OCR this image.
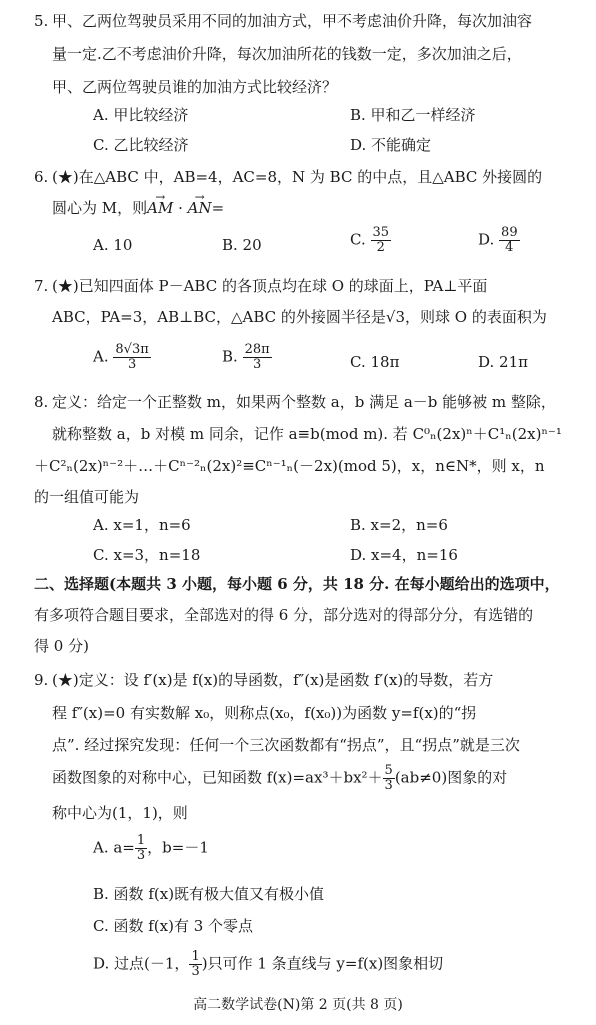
5. 甲、乙两位驾驶员采用不同的加油方式，甲不考虑油价升降，每次加油容
量一定.乙不考虑油价升降，每次加油所花的钱数一定，多次加油之后，
甲、乙两位驾驶员谁的加油方式比较经济？
A. 甲比较经济	B. 甲和乙一样经济
C. 乙比较经济	D. 不能确定
6. (★)在△ABC 中，AB=4，AC=8，N 为 BC 的中点，且△ABC 外接圆的
圆心为 M，则→ AM · → AN=
A. 10	B. 20	C. $\frac{35}{2}$	D. $\frac{89}{4}$
7. (★)已知四面体 P－ABC 的各顶点均在球 O 的球面上，PA⊥平面
ABC，PA=3，AB⊥BC，△ABC 的外接圆半径是√3，则球 O 的表面积为
A. $\frac{8√3\pi}{3}$	B. $\frac{28\pi}{3}$	C. 18π	D. 21π
8. 定义：给定一个正整数 m，如果两个整数 a，b 满足 a－b 能够被 m 整除，
就称整数 a，b 对模 m 同余，记作 a≡b(mod m). 若 C⁰ₙ(2x)ⁿ＋C¹ₙ(2x)ⁿ⁻¹
＋C²ₙ(2x)ⁿ⁻²＋…＋Cⁿ⁻²ₙ(2x)²≡Cⁿ⁻¹ₙ(－2x)(mod 5)，x，n∈N*，则 x，n
的一组值可能为
A. x=1，n=6	B. x=2，n=6
C. x=3，n=18	D. x=4，n=16
二、选择题(本题共 3 小题，每小题 6 分，共 18 分. 在每小题给出的选项中，
有多项符合题目要求，全部选对的得 6 分，部分选对的得部分分，有选错的
得 0 分)
9. (★)定义：设 f′(x)是 f(x)的导函数，f″(x)是函数 f′(x)的导数，若方
程 f″(x)=0 有实数解 x₀，则称点(x₀，f(x₀))为函数 y=f(x)的“拐
点”. 经过探究发现：任何一个三次函数都有“拐点”，且“拐点”就是三次
函数图象的对称中心，已知函数 $f(x)=ax^3+bx^2+ \frac{5}{3} (ab\ne 0)$图象的对
称中心为(1，1)，则
A. $a= \frac{1}{3}$ ，b=－1
B. 函数 f(x)既有极大值又有极小值
C. 函数 f(x)有 3 个零点
D. 过点(－1， $\frac{1}{3}$ )只可作 1 条直线与 y=f(x)图象相切
高二数学试卷(N)第 2 页(共 8 页)
